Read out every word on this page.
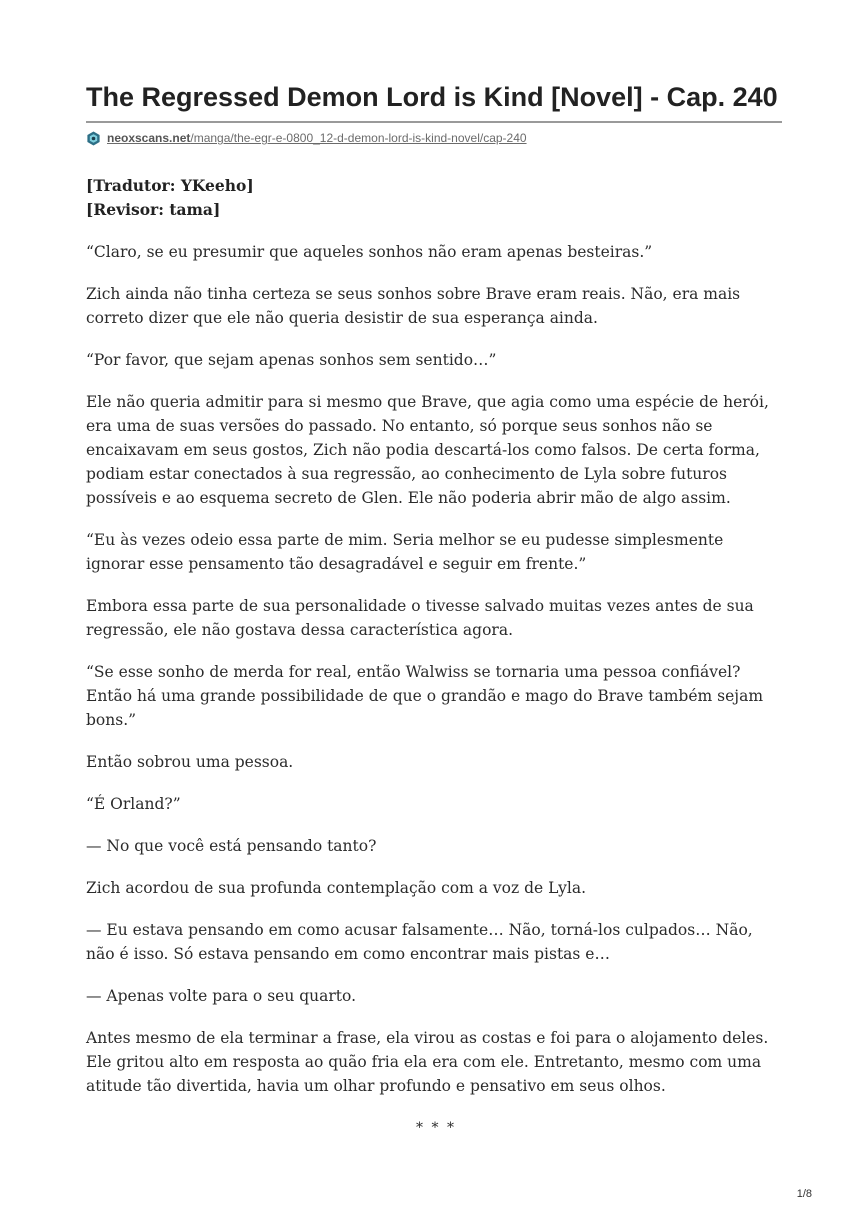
The Regressed Demon Lord is Kind [Novel] - Cap. 240
neoxscans.net/manga/the-egr-e-0800_12-d-demon-lord-is-kind-novel/cap-240

[Tradutor: YKeeho]
[Revisor: tama]

“Claro, se eu presumir que aqueles sonhos não eram apenas besteiras.”

Zich ainda não tinha certeza se seus sonhos sobre Brave eram reais. Não, era mais correto dizer que ele não queria desistir de sua esperança ainda.

“Por favor, que sejam apenas sonhos sem sentido…”

Ele não queria admitir para si mesmo que Brave, que agia como uma espécie de herói, era uma de suas versões do passado. No entanto, só porque seus sonhos não se encaixavam em seus gostos, Zich não podia descartá-los como falsos. De certa forma, podiam estar conectados à sua regressão, ao conhecimento de Lyla sobre futuros possíveis e ao esquema secreto de Glen. Ele não poderia abrir mão de algo assim.

“Eu às vezes odeio essa parte de mim. Seria melhor se eu pudesse simplesmente ignorar esse pensamento tão desagradável e seguir em frente.”

Embora essa parte de sua personalidade o tivesse salvado muitas vezes antes de sua regressão, ele não gostava dessa característica agora.

“Se esse sonho de merda for real, então Walwiss se tornaria uma pessoa confiável? Então há uma grande possibilidade de que o grandão e mago do Brave também sejam bons.”

Então sobrou uma pessoa.

“É Orland?”

— No que você está pensando tanto?

Zich acordou de sua profunda contemplação com a voz de Lyla.

— Eu estava pensando em como acusar falsamente… Não, torná-los culpados… Não, não é isso. Só estava pensando em como encontrar mais pistas e…

— Apenas volte para o seu quarto.

Antes mesmo de ela terminar a frase, ela virou as costas e foi para o alojamento deles. Ele gritou alto em resposta ao quão fria ela era com ele. Entretanto, mesmo com uma atitude tão divertida, havia um olhar profundo e pensativo em seus olhos.

* * *
1/8
